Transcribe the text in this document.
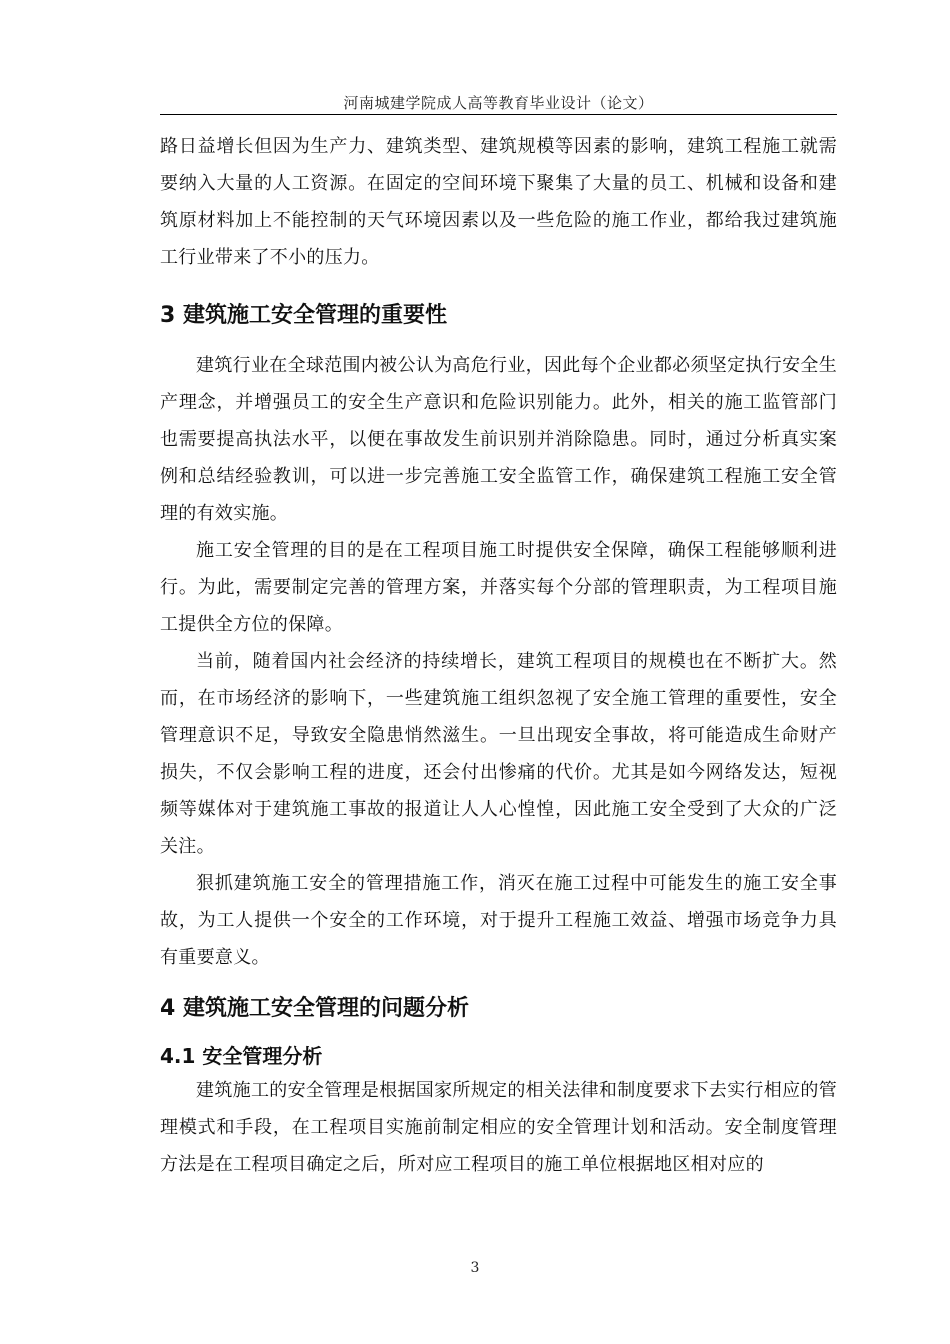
河南城建学院成人高等教育毕业设计（论文）

路日益增长但因为生产力、建筑类型、建筑规模等因素的影响，建筑工程施工就需要纳入大量的人工资源。在固定的空间环境下聚集了大量的员工、机械和设备和建筑原材料加上不能控制的天气环境因素以及一些危险的施工作业，都给我过建筑施工行业带来了不小的压力。

3 建筑施工安全管理的重要性

建筑行业在全球范围内被公认为高危行业，因此每个企业都必须坚定执行安全生产理念，并增强员工的安全生产意识和危险识别能力。此外，相关的施工监管部门也需要提高执法水平，以便在事故发生前识别并消除隐患。同时，通过分析真实案例和总结经验教训，可以进一步完善施工安全监管工作，确保建筑工程施工安全管理的有效实施。

施工安全管理的目的是在工程项目施工时提供安全保障，确保工程能够顺利进行。为此，需要制定完善的管理方案，并落实每个分部的管理职责，为工程项目施工提供全方位的保障。

当前，随着国内社会经济的持续增长，建筑工程项目的规模也在不断扩大。然而，在市场经济的影响下，一些建筑施工组织忽视了安全施工管理的重要性，安全管理意识不足，导致安全隐患悄然滋生。一旦出现安全事故，将可能造成生命财产损失，不仅会影响工程的进度，还会付出惨痛的代价。尤其是如今网络发达，短视频等媒体对于建筑施工事故的报道让人人心惶惶，因此施工安全受到了大众的广泛关注。

狠抓建筑施工安全的管理措施工作，消灭在施工过程中可能发生的施工安全事故，为工人提供一个安全的工作环境，对于提升工程施工效益、增强市场竞争力具有重要意义。

4 建筑施工安全管理的问题分析
4.1 安全管理分析

建筑施工的安全管理是根据国家所规定的相关法律和制度要求下去实行相应的管理模式和手段，在工程项目实施前制定相应的安全管理计划和活动。安全制度管理方法是在工程项目确定之后，所对应工程项目的施工单位根据地区相对应的

3
